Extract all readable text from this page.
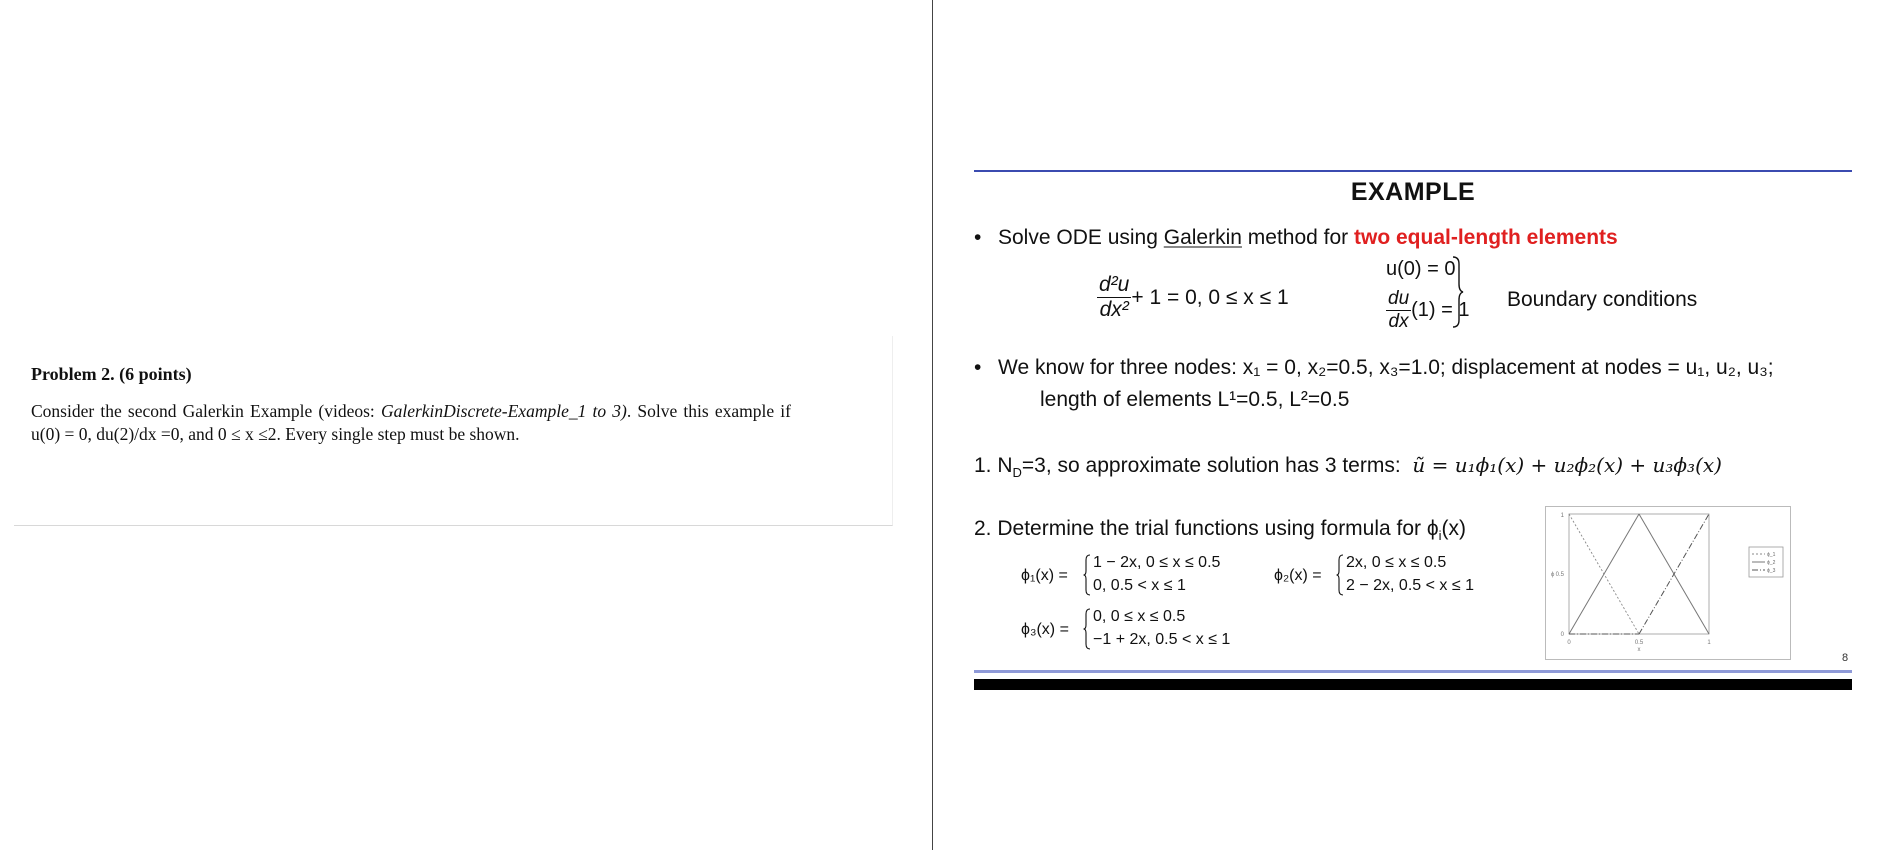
Problem 2. (6 points)
Consider the second Galerkin Example (videos: GalerkinDiscrete-Example_1 to 3). Solve this example if u(0) = 0, du(2)/dx =0, and 0 ≤ x ≤2. Every single step must be shown.
EXAMPLE
• Solve ODE using Galerkin method for two equal-length elements
$\frac{\text{d²u}}{\text{dx²}} + 1 = 0$, 0 ≤ x ≤ 1
u(0) = 0
$\frac{du}{dx} (1) = 1$ Boundary conditions
• We know for three nodes: x₁ = 0, x₂=0.5, x₃=1.0; displacement at nodes = u₁, u₂, u₃;
length of elements L¹=0.5, L²=0.5
1. $N_D=3$, so approximate solution has 3 terms: ũ = u₁ϕ₁(x) + u₂ϕ₂(x) + u₃ϕ₃(x)
2. Determine the trial functions using formula for $\phi_i(x)$
ϕ₁(x) =
1 − 2x, 0 ≤ x ≤ 0.5
0, 0.5 < x ≤ 1
ϕ₂(x) =
2x, 0 ≤ x ≤ 0.5
2 − 2x, 0.5 < x ≤ 1
ϕ₃(x) =
0, 0 ≤ x ≤ 0.5
−1 + 2x, 0.5 < x ≤ 1
1
0.5
0
ϕ
0	0.5	1
x
ϕ_1
ϕ_2
ϕ_3
8
